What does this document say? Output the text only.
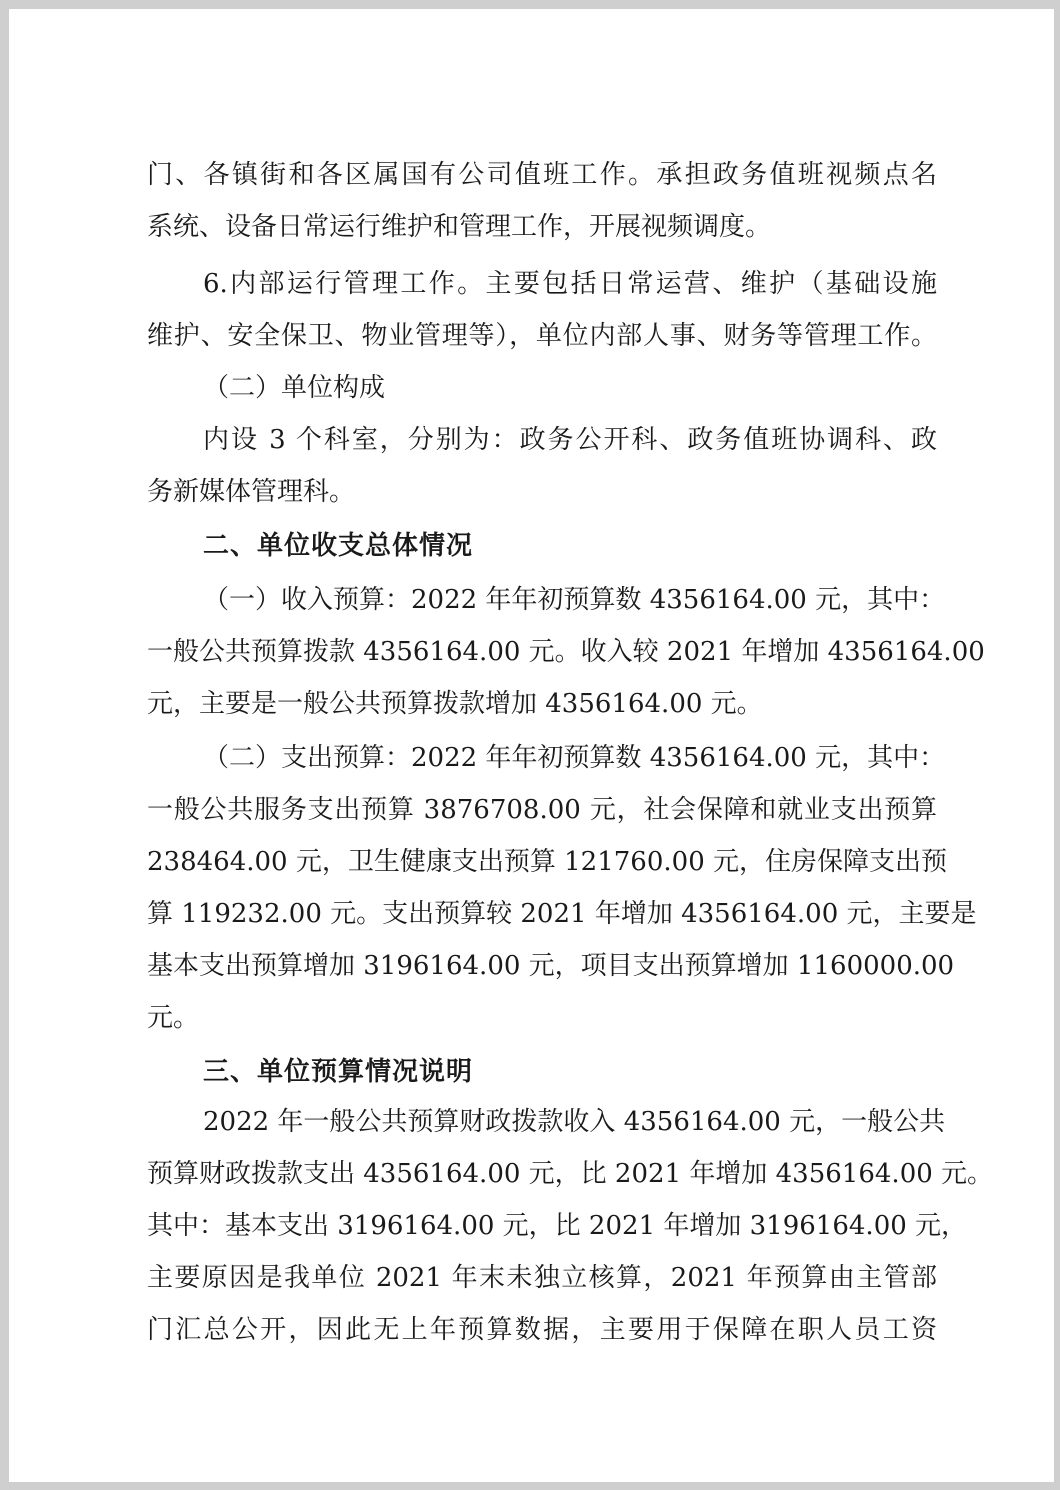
门、各镇街和各区属国有公司值班工作。承担政务值班视频点名
系统、设备日常运行维护和管理工作，开展视频调度。
6.内部运行管理工作。主要包括日常运营、维护（基础设施
维护、安全保卫、物业管理等），单位内部人事、财务等管理工作。
（二）单位构成
内设 3 个科室，分别为：政务公开科、政务值班协调科、政
务新媒体管理科。
二、单位收支总体情况
（一）收入预算：2022 年年初预算数 4356164.00 元，其中：
一般公共预算拨款 4356164.00 元。收入较 2021 年增加 4356164.00
元，主要是一般公共预算拨款增加 4356164.00 元。
（二）支出预算：2022 年年初预算数 4356164.00 元，其中：
一般公共服务支出预算 3876708.00 元，社会保障和就业支出预算
238464.00 元，卫生健康支出预算 121760.00 元，住房保障支出预
算 119232.00 元。支出预算较 2021 年增加 4356164.00 元，主要是
基本支出预算增加 3196164.00 元，项目支出预算增加 1160000.00
元。
三、单位预算情况说明
2022 年一般公共预算财政拨款收入 4356164.00 元，一般公共
预算财政拨款支出 4356164.00 元，比 2021 年增加 4356164.00 元。
其中：基本支出 3196164.00 元，比 2021 年增加 3196164.00 元，
主要原因是我单位 2021 年末未独立核算，2021 年预算由主管部
门汇总公开，因此无上年预算数据，主要用于保障在职人员工资
